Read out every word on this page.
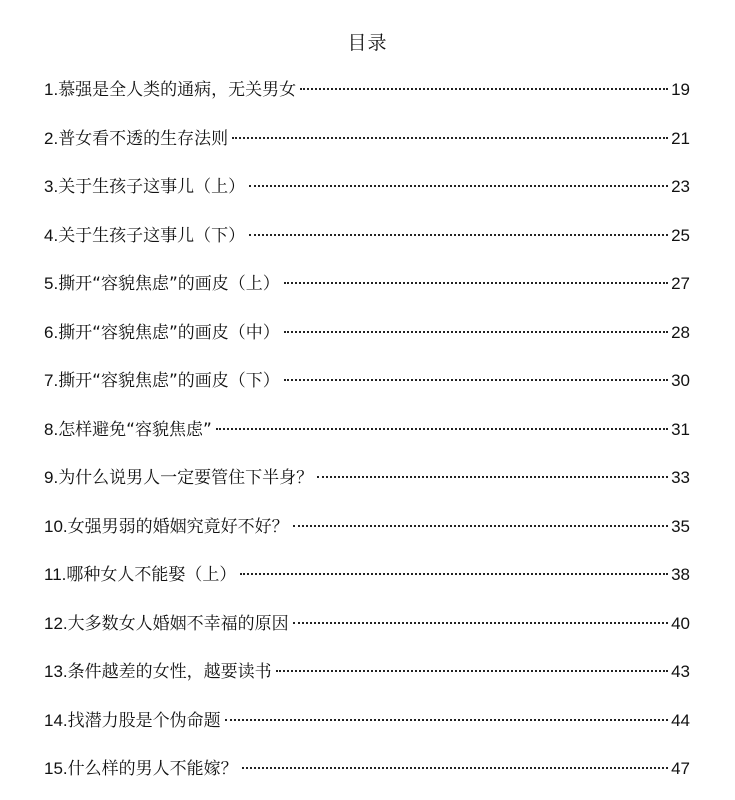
目录
1. 慕强是全人类的通病，无关男女	19
2. 普女看不透的生存法则	21
3. 关于生孩子这事儿（上）	23
4. 关于生孩子这事儿（下）	25
5. 撕开“容貌焦虑”的画皮（上）	27
6. 撕开“容貌焦虑”的画皮（中）	28
7. 撕开“容貌焦虑”的画皮（下）	30
8. 怎样避免“容貌焦虑”	31
9. 为什么说男人一定要管住下半身？	33
10. 女强男弱的婚姻究竟好不好？	35
11. 哪种女人不能娶（上）	38
12. 大多数女人婚姻不幸福的原因	40
13. 条件越差的女性，越要读书	43
14. 找潜力股是个伪命题	44
15. 什么样的男人不能嫁？	47
